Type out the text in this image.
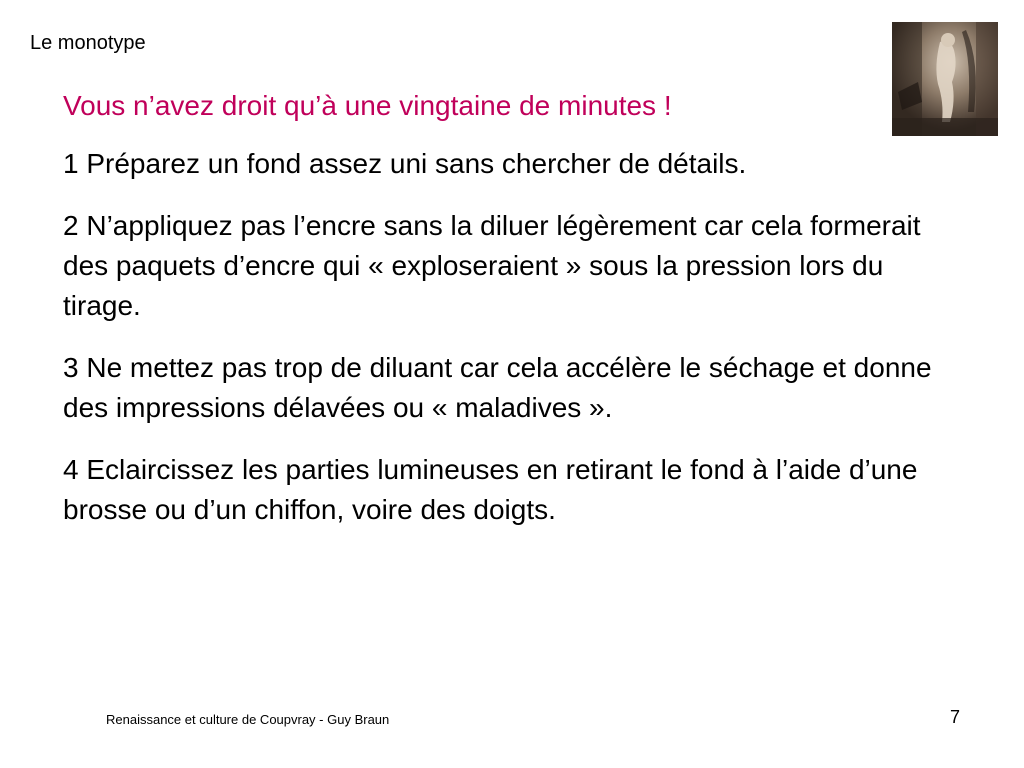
Le monotype

Vous n’avez droit qu’à une vingtaine de minutes !

1 Préparez un fond assez uni sans chercher de détails.

2 N’appliquez pas l’encre sans la diluer légèrement car cela formerait des paquets d’encre qui « exploseraient » sous la pression lors du tirage.

3 Ne mettez pas trop de diluant car cela accélère le séchage et donne des impressions délavées ou « maladives ».

4 Eclaircissez les parties lumineuses en retirant le fond à l’aide d’une brosse ou d’un chiffon, voire des doigts.

Renaissance et culture de Coupvray - Guy Braun	7
